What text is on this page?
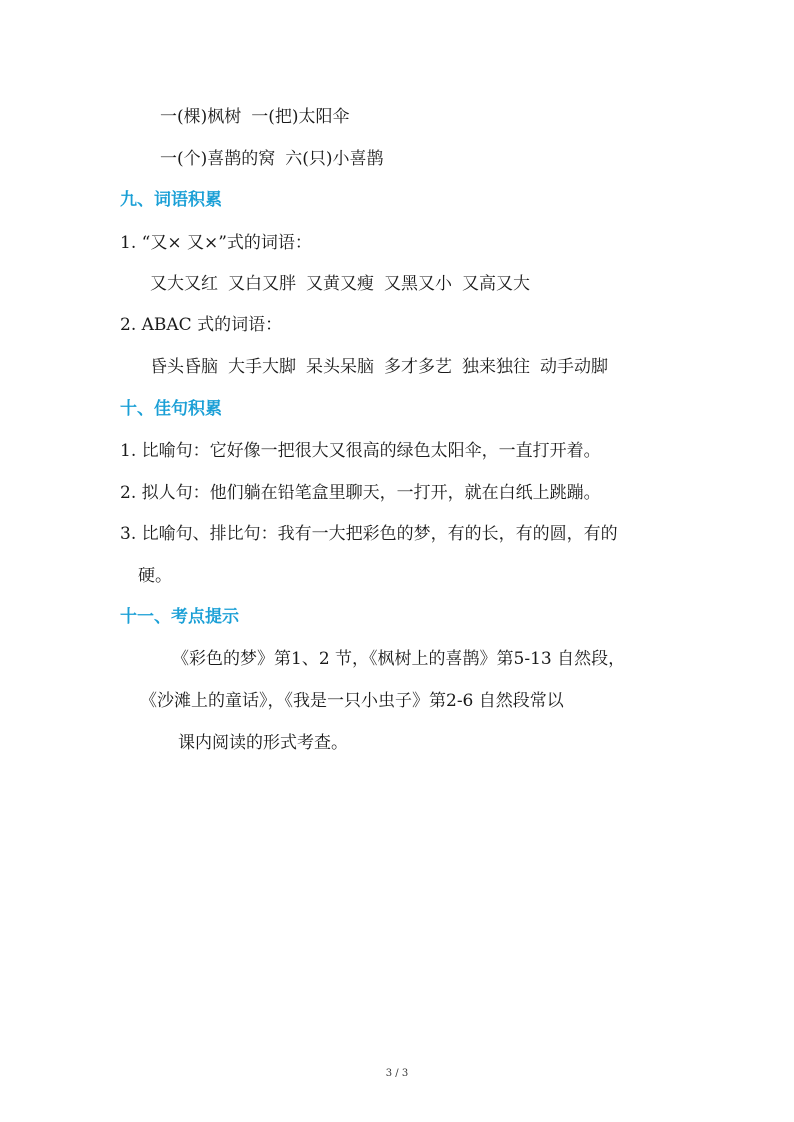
一(棵)枫树 一(把)太阳伞
一(个)喜鹊的窝 六(只)小喜鹊
九、词语积累
1. “又× 又×”式的词语：
又大又红 又白又胖 又黄又瘦 又黑又小 又高又大
2. ABAC 式的词语：
昏头昏脑 大手大脚 呆头呆脑 多才多艺 独来独往 动手动脚
十、佳句积累
1. 比喻句：它好像一把很大又很高的绿色太阳伞，一直打开着。
2. 拟人句：他们躺在铅笔盒里聊天，一打开，就在白纸上跳蹦。
3. 比喻句、排比句：我有一大把彩色的梦，有的长，有的圆，有的
硬。
十一、考点提示
《彩色的梦》第1、2 节，《枫树上的喜鹊》第5-13 自然段，
《沙滩上的童话》，《我是一只小虫子》第2-6 自然段常以
课内阅读的形式考查。
3 / 3
